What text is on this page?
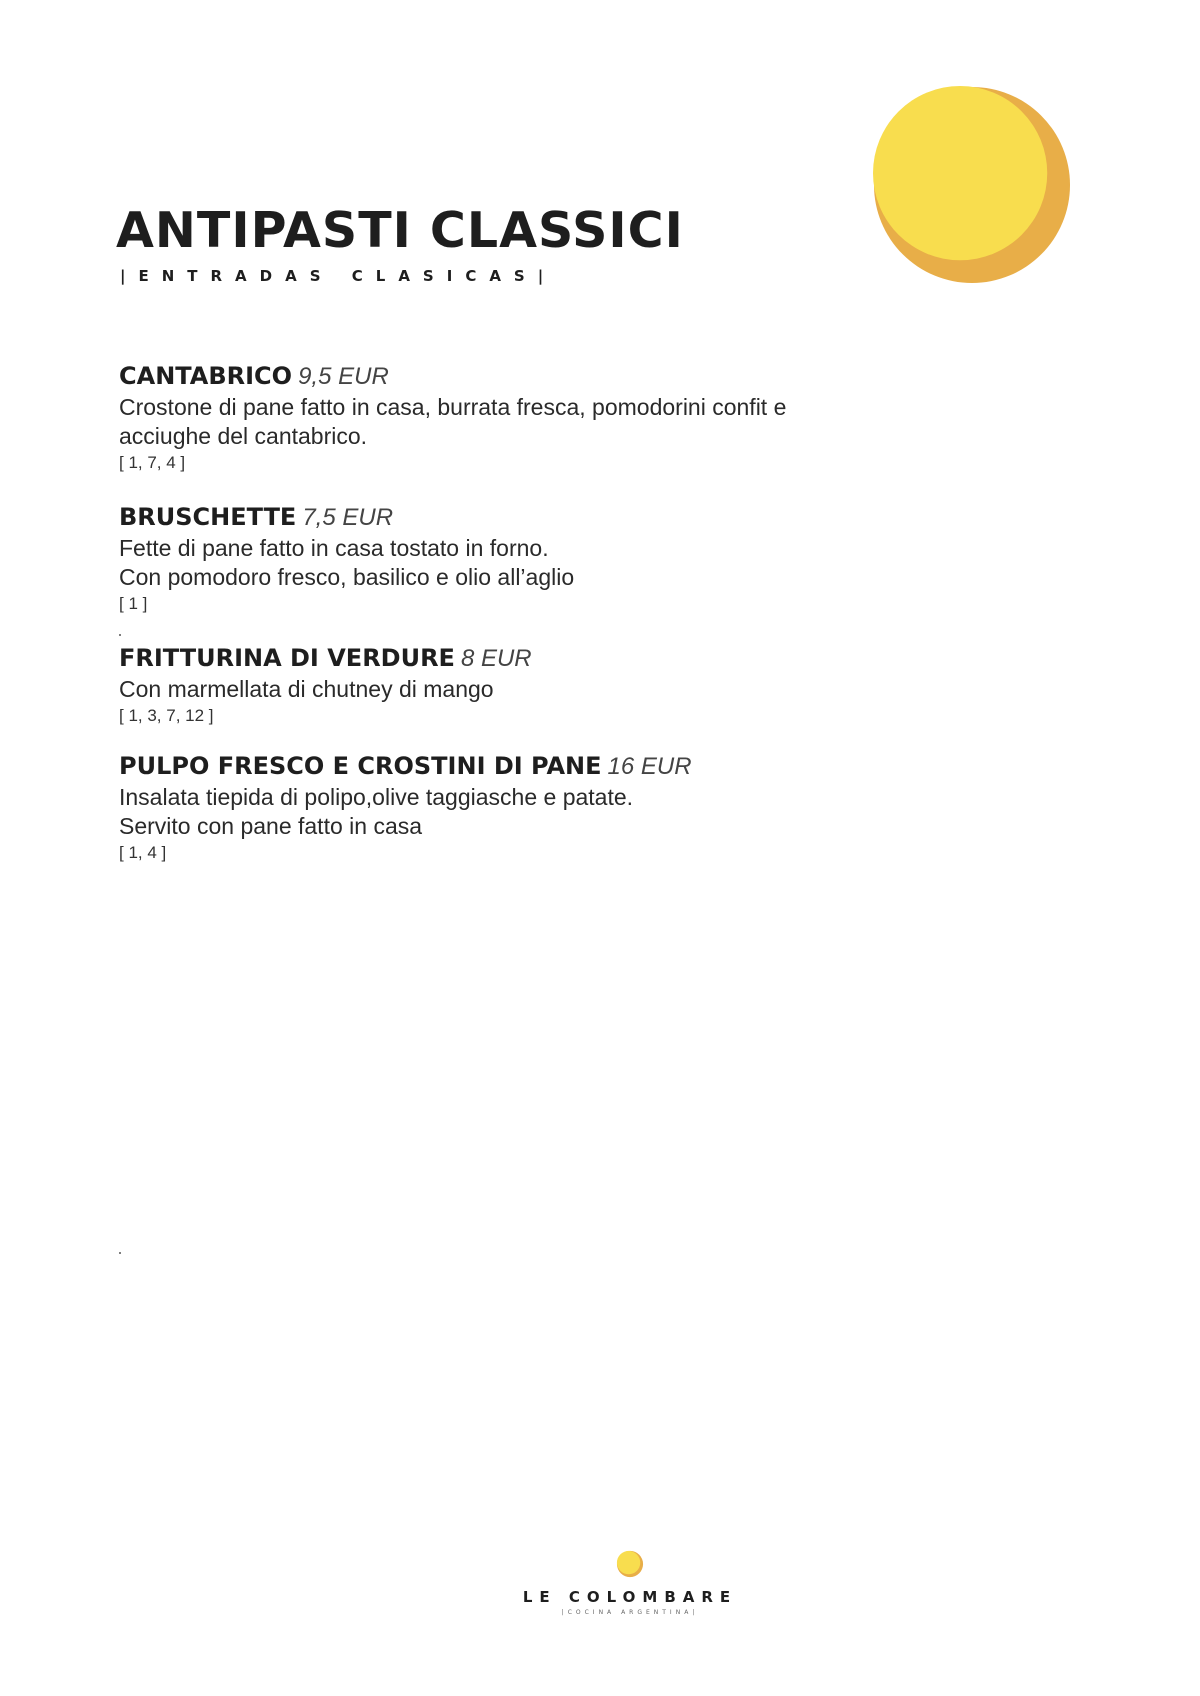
ANTIPASTI CLASSICI
|ENTRADAS CLASICAS|
CANTABRICO 9,5 EUR
Crostone di pane fatto in casa, burrata fresca, pomodorini confit e
acciughe del cantabrico.
[ 1, 7, 4 ]
BRUSCHETTE 7,5 EUR
Fette di pane fatto in casa tostato in forno.
Con pomodoro fresco, basilico e olio all’aglio
[ 1 ]
FRITTURINA DI VERDURE 8 EUR
Con marmellata di chutney di mango
[ 1, 3, 7, 12 ]
PULPO FRESCO E CROSTINI DI PANE 16 EUR
Insalata tiepida di polipo,olive taggiasche e patate.
Servito con pane fatto in casa
[ 1, 4 ]
LE COLOMBARE
|COCINA ARGENTINA|
